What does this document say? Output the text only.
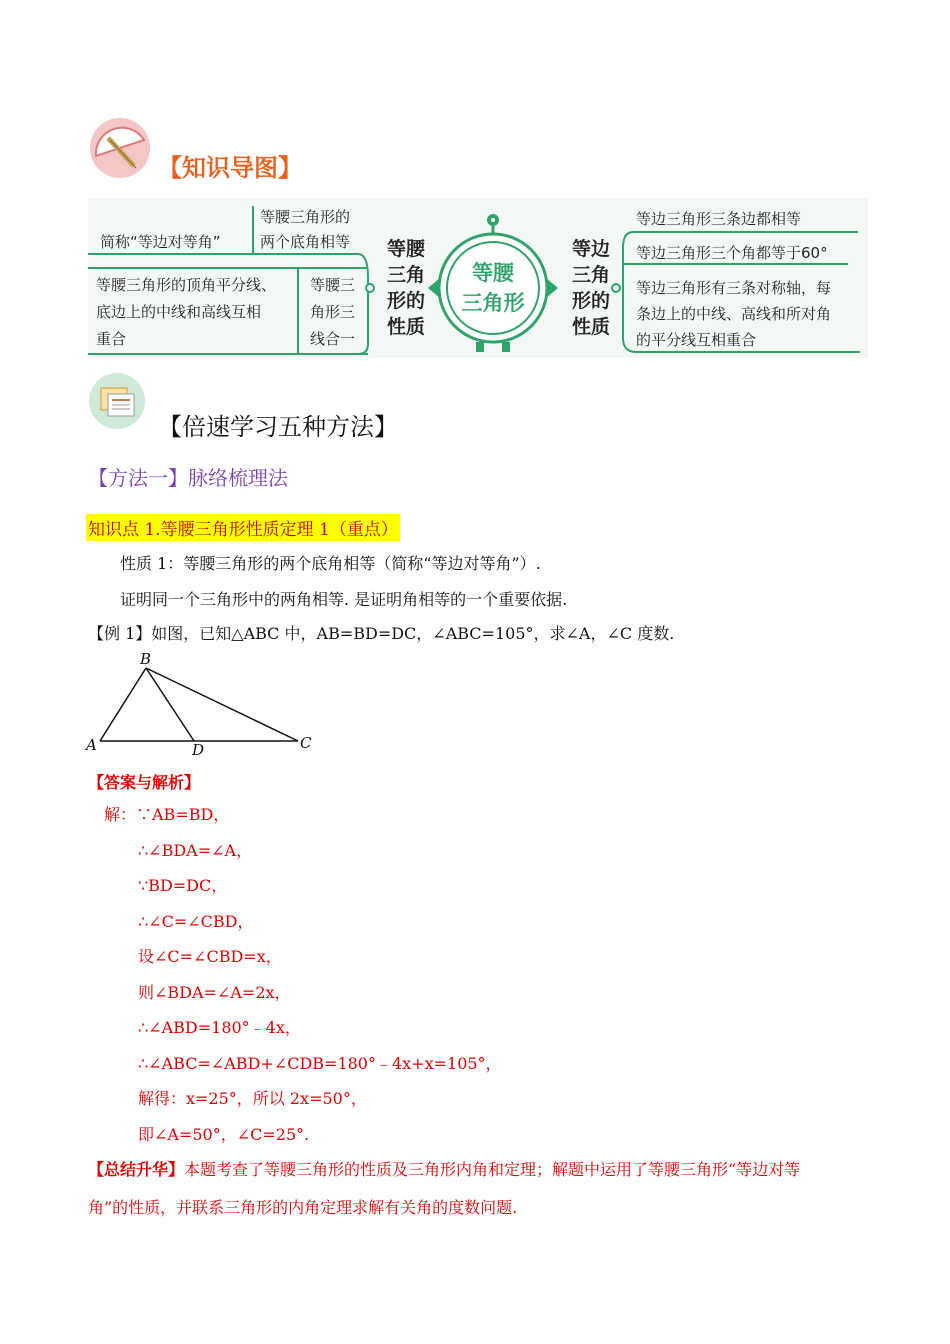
【知识导图】
简称“等边对等角”
等腰三角形的
两个底角相等
等腰三角形的顶角平分线、
底边上的中线和高线互相
重合
等腰三
角形三
线合一
等腰
三角
形的
性质
等腰
三角形
等边
三角
形的
性质
等边三角形三条边都相等
等边三角形三个角都等于60°
等边三角形有三条对称轴，每
条边上的中线、高线和所对角
的平分线互相重合
【倍速学习五种方法】
【方法一】脉络梳理法
知识点 1.等腰三角形性质定理 1（重点）
性质 1：等腰三角形的两个底角相等（简称“等边对等角”）.
证明同一个三角形中的两角相等. 是证明角相等的一个重要依据.
【例 1】如图，已知△ABC 中，AB=BD=DC，∠ABC=105°，求∠A，∠C 度数.
B
A	D	C
【答案与解析】
解：∵AB=BD，
∴∠BDA=∠A，
∵BD=DC，
∴∠C=∠CBD，
设∠C=∠CBD=x，
则∠BDA=∠A=2x，
∴∠ABD=180°﹣4x，
∴∠ABC=∠ABD+∠CDB=180°﹣4x+x=105°，
解得：x=25°，所以 2x=50°，
即∠A=50°，∠C=25°.
【总结升华】本题考查了等腰三角形的性质及三角形内角和定理；解题中运用了等腰三角形“等边对等
角”的性质，并联系三角形的内角定理求解有关角的度数问题.
